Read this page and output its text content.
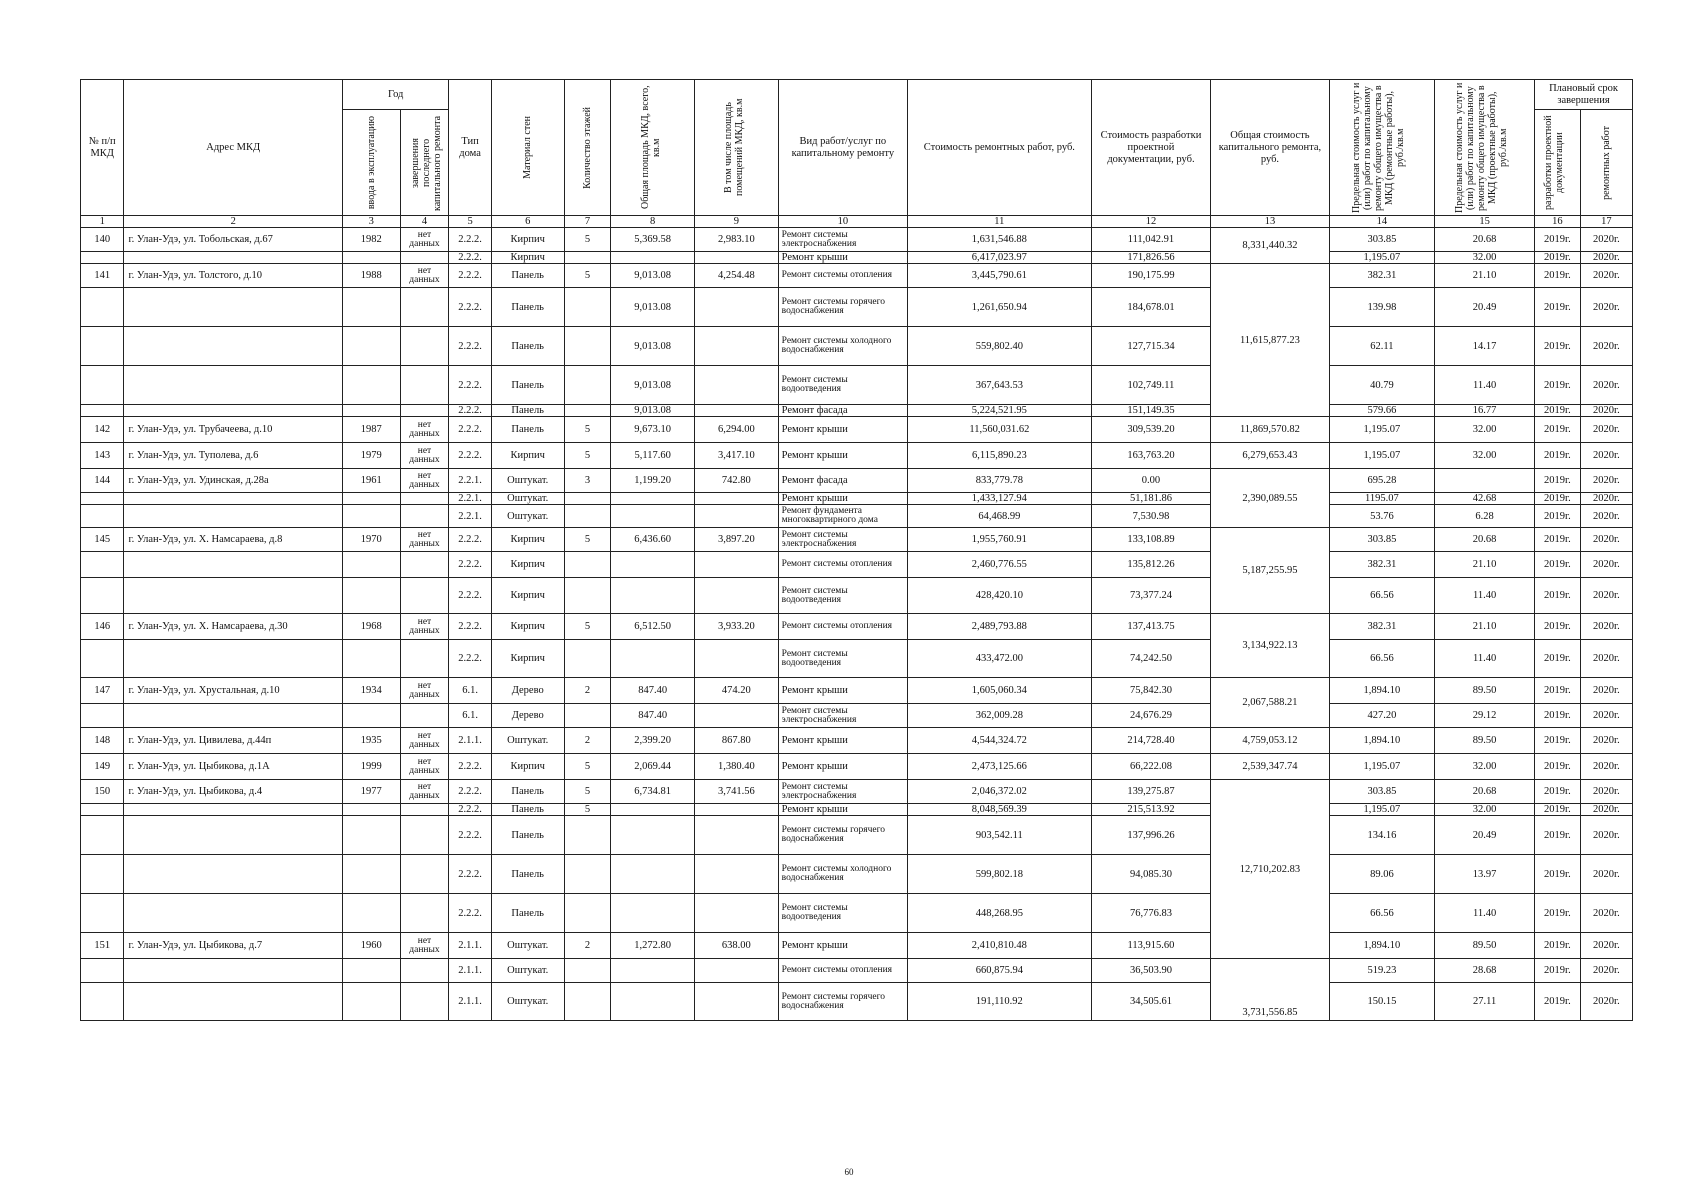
№ п/п МКД	Адрес МКД	Год		Тип дома	Материал стен	Количество этажей	Общая площадь МКД, всего, кв.м	В том числе площадь помещений МКД, кв.м	Вид работ/услуг по капитальному ремонту	Стоимость ремонтных работ, руб.	Стоимость разработки проектной документации, руб.	Общая стоимость капитального ремонта, руб.	Предельная стоимость услуг и (или) работ по капитальному ремонту общего имущества в МКД (ремонтные работы), руб./кв.м	Предельная стоимость услуг и (или) работ по капитальному ремонту общего имущества в МКД (проектные работы), руб./кв.м	Плановый срок завершения	

		ввода в эксплуатацию	завершения последнего капитального ремонта												разработки проектной документации	ремонтных работ

1	2	3	4	5	6	7	8	9	10	11	12	13	14	15	16	17
140	г. Улан-Удэ, ул. Тобольская, д.67	1982	нет данных	2.2.2.	Кирпич	5	5,369.58	2,983.10	Ремонт системы электроснабжения	1,631,546.88	111,042.91	8,331,440.32	303.85	20.68	2019г.	2020г.
				2.2.2.	Кирпич				Ремонт крыши	6,417,023.97	171,826.56		1,195.07	32.00	2019г.	2020г.
141	г. Улан-Удэ, ул. Толстого, д.10	1988	нет данных	2.2.2.	Панель	5	9,013.08	4,254.48	Ремонт системы отопления	3,445,790.61	190,175.99	11,615,877.23	382.31	21.10	2019г.	2020г.
				2.2.2.	Панель		9,013.08		Ремонт системы горячего водоснабжения	1,261,650.94	184,678.01		139.98	20.49	2019г.	2020г.
				2.2.2.	Панель		9,013.08		Ремонт системы холодного водоснабжения	559,802.40	127,715.34		62.11	14.17	2019г.	2020г.
				2.2.2.	Панель		9,013.08		Ремонт системы водоотведения	367,643.53	102,749.11		40.79	11.40	2019г.	2020г.
				2.2.2.	Панель		9,013.08		Ремонт фасада	5,224,521.95	151,149.35		579.66	16.77	2019г.	2020г.
142	г. Улан-Удэ, ул. Трубачеева, д.10	1987	нет данных	2.2.2.	Панель	5	9,673.10	6,294.00	Ремонт крыши	11,560,031.62	309,539.20	11,869,570.82	1,195.07	32.00	2019г.	2020г.
143	г. Улан-Удэ, ул. Туполева, д.6	1979	нет данных	2.2.2.	Кирпич	5	5,117.60	3,417.10	Ремонт крыши	6,115,890.23	163,763.20	6,279,653.43	1,195.07	32.00	2019г.	2020г.
144	г. Улан-Удэ, ул. Удинская, д.28а	1961	нет данных	2.2.1.	Оштукат.	3	1,199.20	742.80	Ремонт фасада	833,779.78	0.00	2,390,089.55	695.28		2019г.	2020г.
				2.2.1.	Оштукат.				Ремонт крыши	1,433,127.94	51,181.86		1195.07	42.68	2019г.	2020г.
				2.2.1.	Оштукат.				Ремонт фундамента многоквартирного дома	64,468.99	7,530.98		53.76	6.28	2019г.	2020г.
145	г. Улан-Удэ, ул. Х. Намсараева, д.8	1970	нет данных	2.2.2.	Кирпич	5	6,436.60	3,897.20	Ремонт системы электроснабжения	1,955,760.91	133,108.89	5,187,255.95	303.85	20.68	2019г.	2020г.
				2.2.2.	Кирпич				Ремонт системы отопления	2,460,776.55	135,812.26		382.31	21.10	2019г.	2020г.
				2.2.2.	Кирпич				Ремонт системы водоотведения	428,420.10	73,377.24		66.56	11.40	2019г.	2020г.
146	г. Улан-Удэ, ул. Х. Намсараева, д.30	1968	нет данных	2.2.2.	Кирпич	5	6,512.50	3,933.20	Ремонт системы отопления	2,489,793.88	137,413.75	3,134,922.13	382.31	21.10	2019г.	2020г.
				2.2.2.	Кирпич				Ремонт системы водоотведения	433,472.00	74,242.50		66.56	11.40	2019г.	2020г.
147	г. Улан-Удэ, ул. Хрустальная, д.10	1934	нет данных	6.1.	Дерево	2	847.40	474.20	Ремонт крыши	1,605,060.34	75,842.30	2,067,588.21	1,894.10	89.50	2019г.	2020г.
				6.1.	Дерево		847.40		Ремонт системы электроснабжения	362,009.28	24,676.29		427.20	29.12	2019г.	2020г.
148	г. Улан-Удэ, ул. Цивилева, д.44п	1935	нет данных	2.1.1.	Оштукат.	2	2,399.20	867.80	Ремонт крыши	4,544,324.72	214,728.40	4,759,053.12	1,894.10	89.50	2019г.	2020г.
149	г. Улан-Удэ, ул. Цыбикова, д.1А	1999	нет данных	2.2.2.	Кирпич	5	2,069.44	1,380.40	Ремонт крыши	2,473,125.66	66,222.08	2,539,347.74	1,195.07	32.00	2019г.	2020г.
150	г. Улан-Удэ, ул. Цыбикова, д.4	1977	нет данных	2.2.2.	Панель	5	6,734.81	3,741.56	Ремонт системы электроснабжения	2,046,372.02	139,275.87	12,710,202.83	303.85	20.68	2019г.	2020г.
				2.2.2.	Панель	5			Ремонт крыши	8,048,569.39	215,513.92		1,195.07	32.00	2019г.	2020г.
				2.2.2.	Панель				Ремонт системы горячего водоснабжения	903,542.11	137,996.26		134.16	20.49	2019г.	2020г.
				2.2.2.	Панель				Ремонт системы холодного водоснабжения	599,802.18	94,085.30		89.06	13.97	2019г.	2020г.
				2.2.2.	Панель				Ремонт системы водоотведения	448,268.95	76,776.83		66.56	11.40	2019г.	2020г.
151	г. Улан-Удэ, ул. Цыбикова, д.7	1960	нет данных	2.1.1.	Оштукат.	2	1,272.80	638.00	Ремонт крыши	2,410,810.48	113,915.60		1,894.10	89.50	2019г.	2020г.
				2.1.1.	Оштукат.				Ремонт системы отопления	660,875.94	36,503.90	3,731,556.85	519.23	28.68	2019г.	2020г.
				2.1.1.	Оштукат.				Ремонт системы горячего водоснабжения	191,110.92	34,505.61		150.15	27.11	2019г.	2020г.
60
